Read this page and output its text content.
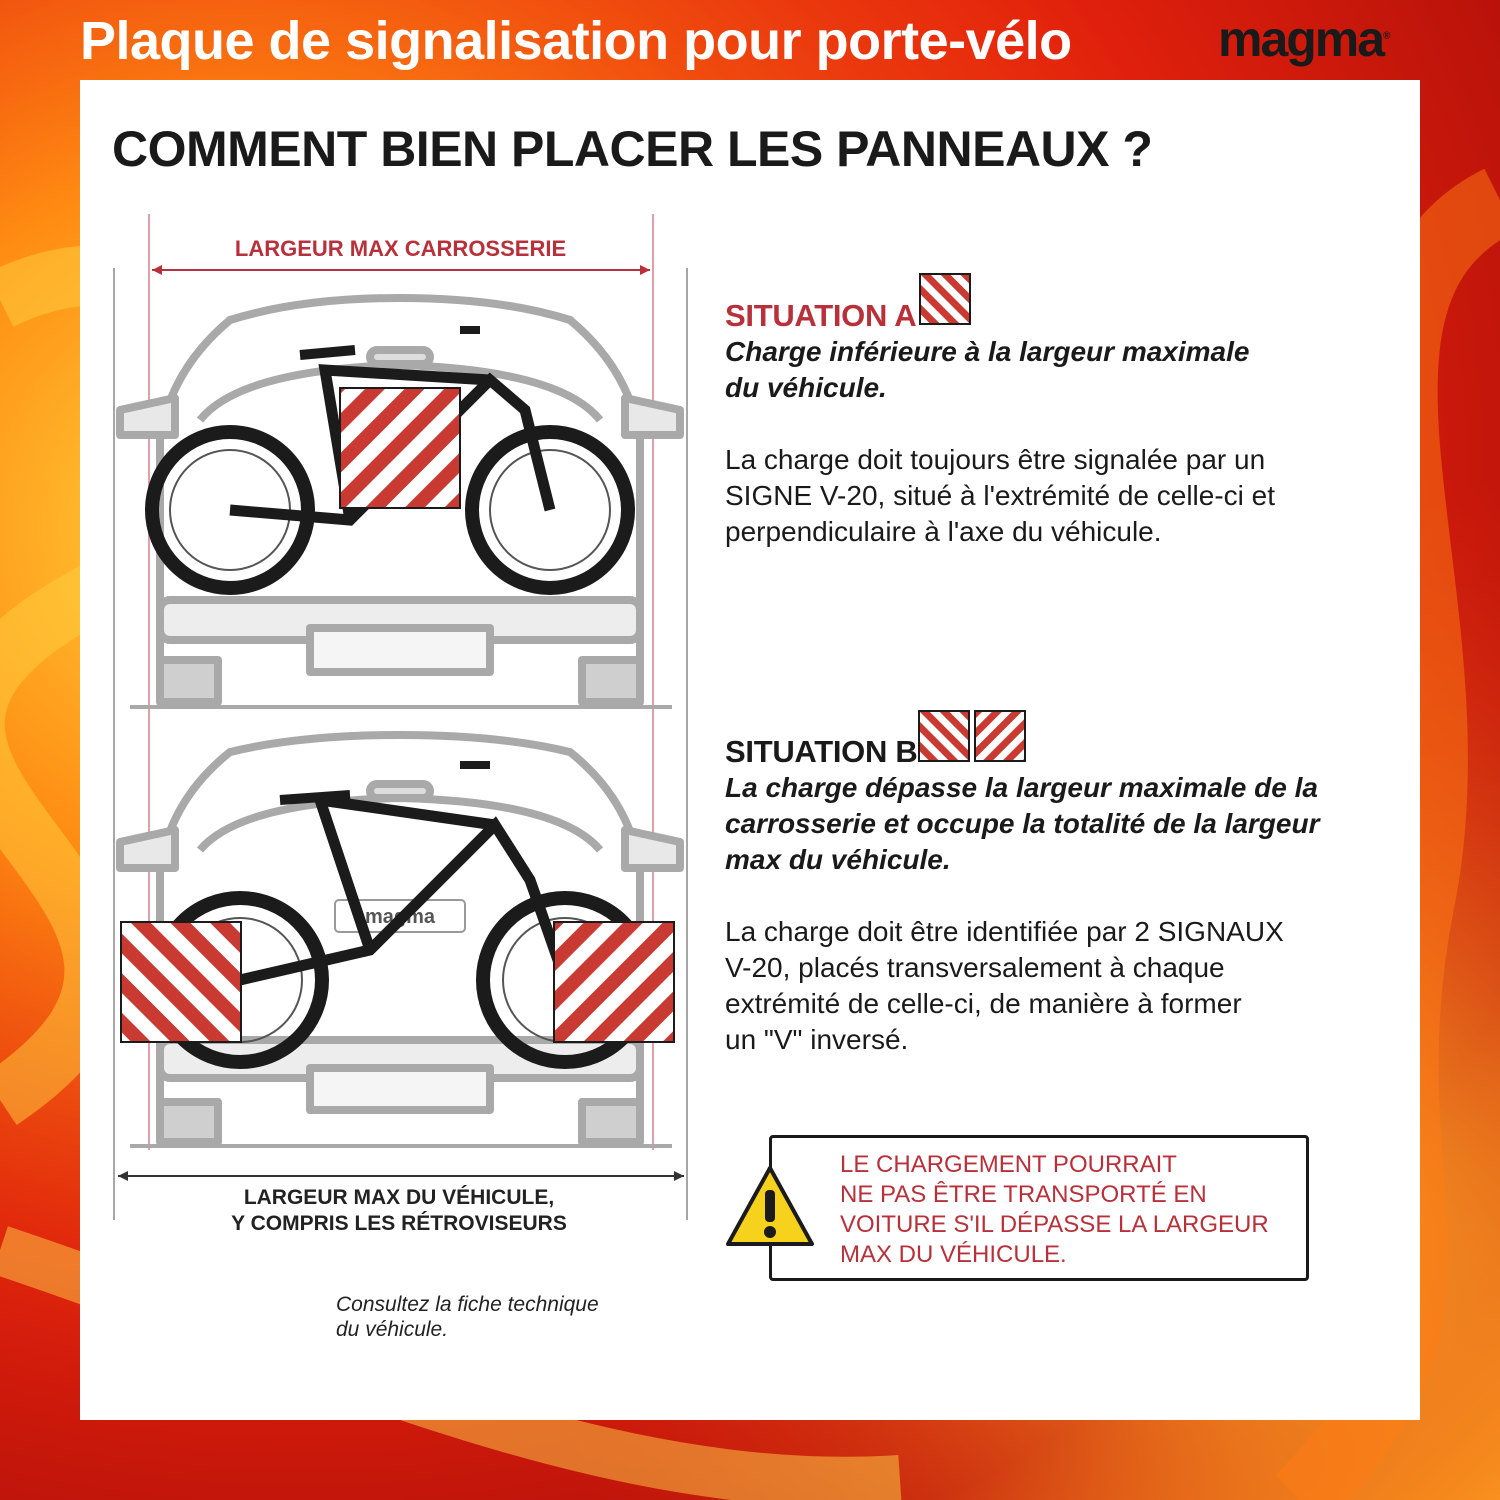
Plaque de signalisation pour porte-vélo	magma®
COMMENT BIEN PLACER LES PANNEAUX ?
magma
LARGEUR MAX CARROSSERIE
LARGEUR MAX DU VÉHICULE,
Y COMPRIS LES RÉTROVISEURS
Consultez la fiche technique
du véhicule.
SITUATION A
Charge inférieure à la largeur maximale
du véhicule.
La charge doit toujours être signalée par un
SIGNE V-20, situé à l'extrémité de celle-ci et
perpendiculaire à l'axe du véhicule.
SITUATION B
La charge dépasse la largeur maximale de la
carrosserie et occupe la totalité de la largeur
max du véhicule.
La charge doit être identifiée par 2 SIGNAUX
V-20, placés transversalement à chaque
extrémité de celle-ci, de manière à former
un "V" inversé.
LE CHARGEMENT POURRAIT
NE PAS ÊTRE TRANSPORTÉ EN
VOITURE S'IL DÉPASSE LA LARGEUR
MAX DU VÉHICULE.
